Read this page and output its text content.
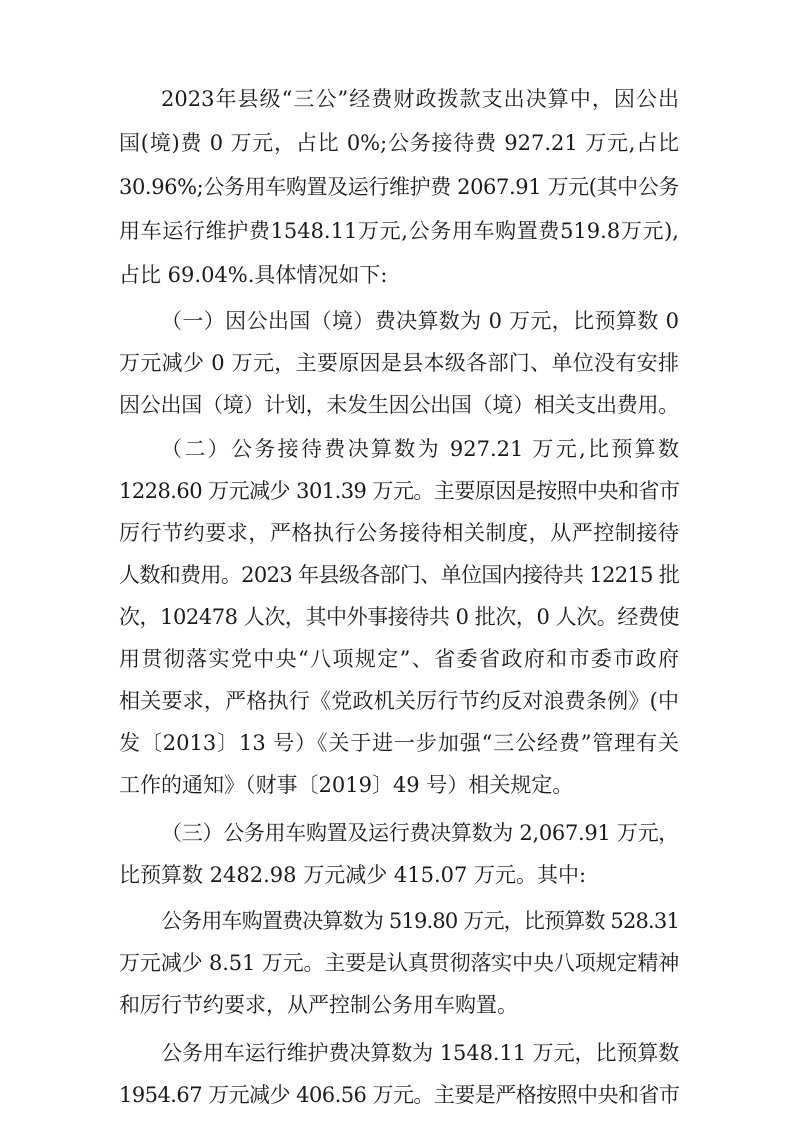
2023年县级“三公”经费财政拨款支出决算中，因公出
国(境)费 0 万元，占比 0%;公务接待费 927.21 万元,占比
30.96%;公务用车购置及运行维护费 2067.91 万元(其中公务
用车运行维护费1548.11万元,公务用车购置费519.8万元),
占比 69.04%.具体情况如下:
（一）因公出国（境）费决算数为 0 万元，比预算数 0
万元减少 0 万元，主要原因是县本级各部门、单位没有安排
因公出国（境）计划，未发生因公出国（境）相关支出费用。
（二）公务接待费决算数为 927.21 万元,比预算数
1228.60 万元减少 301.39 万元。主要原因是按照中央和省市
厉行节约要求，严格执行公务接待相关制度，从严控制接待
人数和费用。2023 年县级各部门、单位国内接待共 12215 批
次，102478 人次，其中外事接待共 0 批次，0 人次。经费使
用贯彻落实党中央“八项规定”、省委省政府和市委市政府
相关要求，严格执行《党政机关厉行节约反对浪费条例》(中
发〔2013〕13 号）《关于进一步加强“三公经费”管理有关
工作的通知》（财事〔2019〕49 号）相关规定。
（三）公务用车购置及运行费决算数为 2,067.91 万元，
比预算数 2482.98 万元减少 415.07 万元。其中:
公务用车购置费决算数为 519.80 万元，比预算数 528.31
万元减少 8.51 万元。主要是认真贯彻落实中央八项规定精神
和厉行节约要求，从严控制公务用车购置。
公务用车运行维护费决算数为 1548.11 万元，比预算数
1954.67 万元减少 406.56 万元。主要是严格按照中央和省市
